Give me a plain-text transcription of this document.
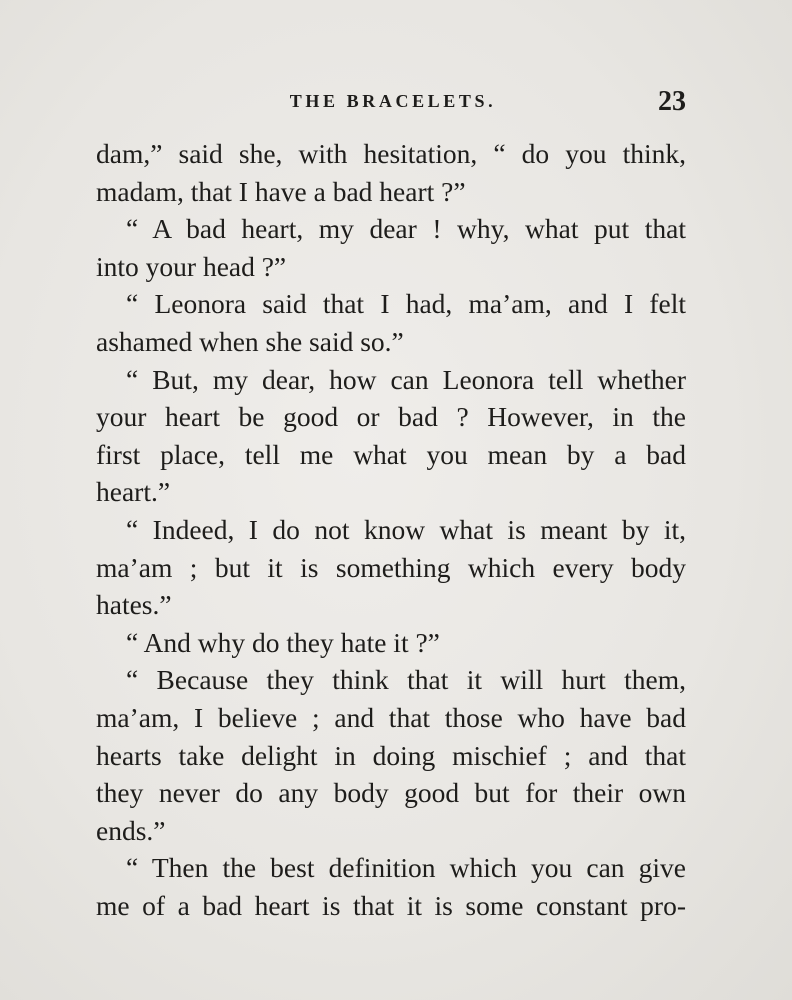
THE BRACELETS.	23
dam,” said she, with hesitation, “ do you think,
madam, that I have a bad heart ?”
“ A bad heart, my dear ! why, what put that
into your head ?”
“ Leonora said that I had, ma’am, and I felt
ashamed when she said so.”
“ But, my dear, how can Leonora tell whether
your heart be good or bad ? However, in the
first place, tell me what you mean by a bad
heart.”
“ Indeed, I do not know what is meant by it,
ma’am ; but it is something which every body
hates.”
“ And why do they hate it ?”
“ Because they think that it will hurt them,
ma’am, I believe ; and that those who have bad
hearts take delight in doing mischief ; and that
they never do any body good but for their own
ends.”
“ Then the best definition which you can give
me of a bad heart is that it is some constant pro-
